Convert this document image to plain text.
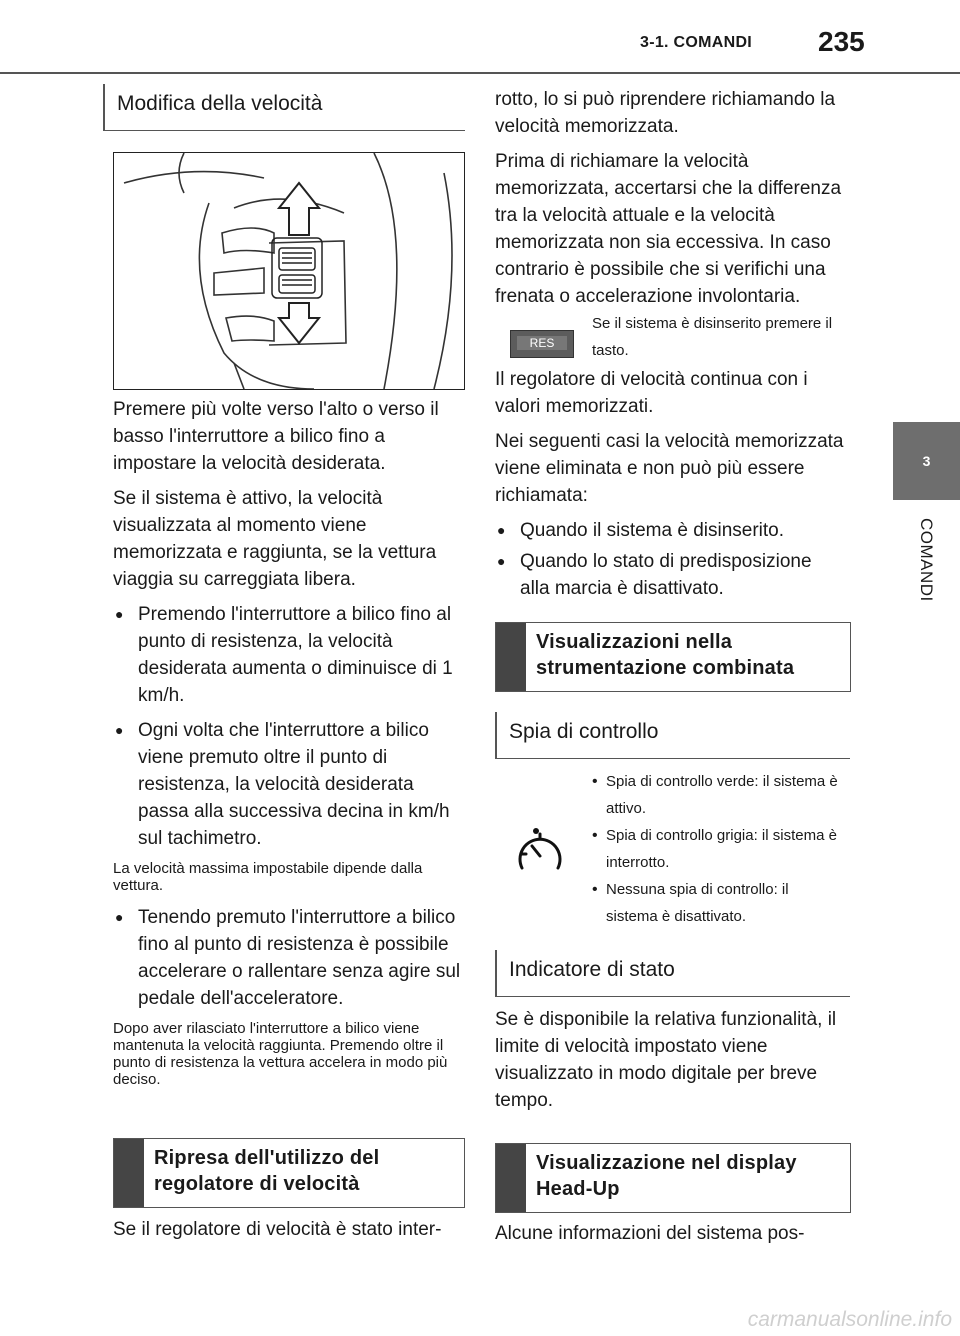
3-1. COMANDI 235
3
COMANDI
Modifica della velocità

Premere più volte verso l'alto o verso il basso l'interruttore a bilico fino a impostare la velocità desiderata.

Se il sistema è attivo, la velocità visualizzata al momento viene memorizzata e raggiunta, se la vettura viaggia su carreggiata libera.

● Premendo l'interruttore a bilico fino al punto di resistenza, la velocità desiderata aumenta o diminuisce di 1 km/h.
● Ogni volta che l'interruttore a bilico viene premuto oltre il punto di resistenza, la velocità desiderata passa alla successiva decina in km/h sul tachimetro.
La velocità massima impostabile dipende dalla vettura.
● Tenendo premuto l'interruttore a bilico fino al punto di resistenza è possibile accelerare o rallentare senza agire sul pedale dell'acceleratore.
Dopo aver rilasciato l'interruttore a bilico viene mantenuta la velocità raggiunta. Premendo oltre il punto di resistenza la vettura accelera in modo più deciso.
Ripresa dell'utilizzo del regolatore di velocità

Se il regolatore di velocità è stato inter-

rotto, lo si può riprendere richiamando la velocità memorizzata.

Prima di richiamare la velocità memorizzata, accertarsi che la differenza tra la velocità attuale e la velocità memorizzata non sia eccessiva. In caso contrario è possibile che si verifichi una frenata o accelerazione involontaria.

RES
Se il sistema è disinserito premere il tasto.

Il regolatore di velocità continua con i valori memorizzati.

Nei seguenti casi la velocità memorizzata viene eliminata e non può più essere richiamata:

● Quando il sistema è disinserito.
● Quando lo stato di predisposizione alla marcia è disattivato.
Visualizzazioni nella strumentazione combinata
Spia di controllo
• Spia di controllo verde: il sistema è attivo.
• Spia di controllo grigia: il sistema è interrotto.
• Nessuna spia di controllo: il sistema è disattivato.
Indicatore di stato

Se è disponibile la relativa funzionalità, il limite di velocità impostato viene visualizzato in modo digitale per breve tempo.

Visualizzazione nel display Head-Up

Alcune informazioni del sistema pos-

carmanualsonline.info
